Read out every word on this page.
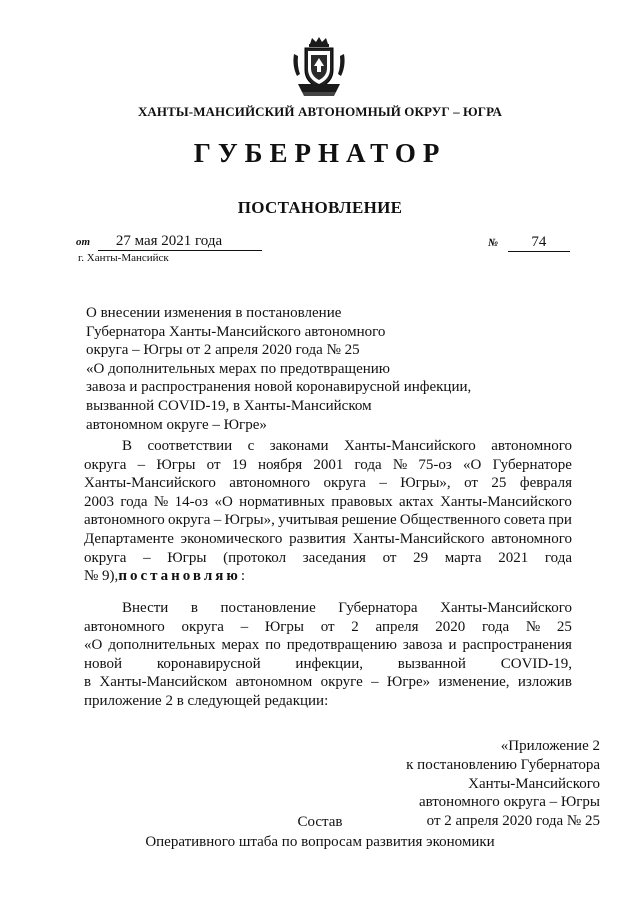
ХАНТЫ-МАНСИЙСКИЙ АВТОНОМНЫЙ ОКРУГ – ЮГРА
ГУБЕРНАТОР
ПОСТАНОВЛЕНИЕ
от 27 мая 2021 года	№ 74
г. Ханты-Мансийск
О внесении изменения в постановление
Губернатора Ханты-Мансийского автономного
округа – Югры от 2 апреля 2020 года № 25
«О дополнительных мерах по предотвращению
завоза и распространения новой коронавирусной инфекции,
вызванной COVID-19, в Ханты-Мансийском
автономном округе – Югре»
В соответствии с законами Ханты-Мансийского автономного
округа – Югры от 19 ноября 2001 года № 75-оз «О Губернаторе
Ханты-Мансийского автономного округа – Югры», от 25 февраля
2003 года № 14-оз «О нормативных правовых актах Ханты-Мансийского
автономного округа – Югры», учитывая решение Общественного совета при
Департаменте экономического развития Ханты-Мансийского автономного
округа – Югры (протокол заседания от 29 марта 2021 года
№ 9), постановляю :
Внести в постановление Губернатора Ханты-Мансийского
автономного округа – Югры от 2 апреля 2020 года № 25
«О дополнительных мерах по предотвращению завоза и распространения
новой коронавирусной инфекции, вызванной COVID-19,
в Ханты-Мансийском автономном округе – Югре» изменение, изложив
приложение 2 в следующей редакции:
«Приложение 2
к постановлению Губернатора
Ханты-Мансийского
автономного округа – Югры
от 2 апреля 2020 года № 25
Состав
Оперативного штаба по вопросам развития экономики
